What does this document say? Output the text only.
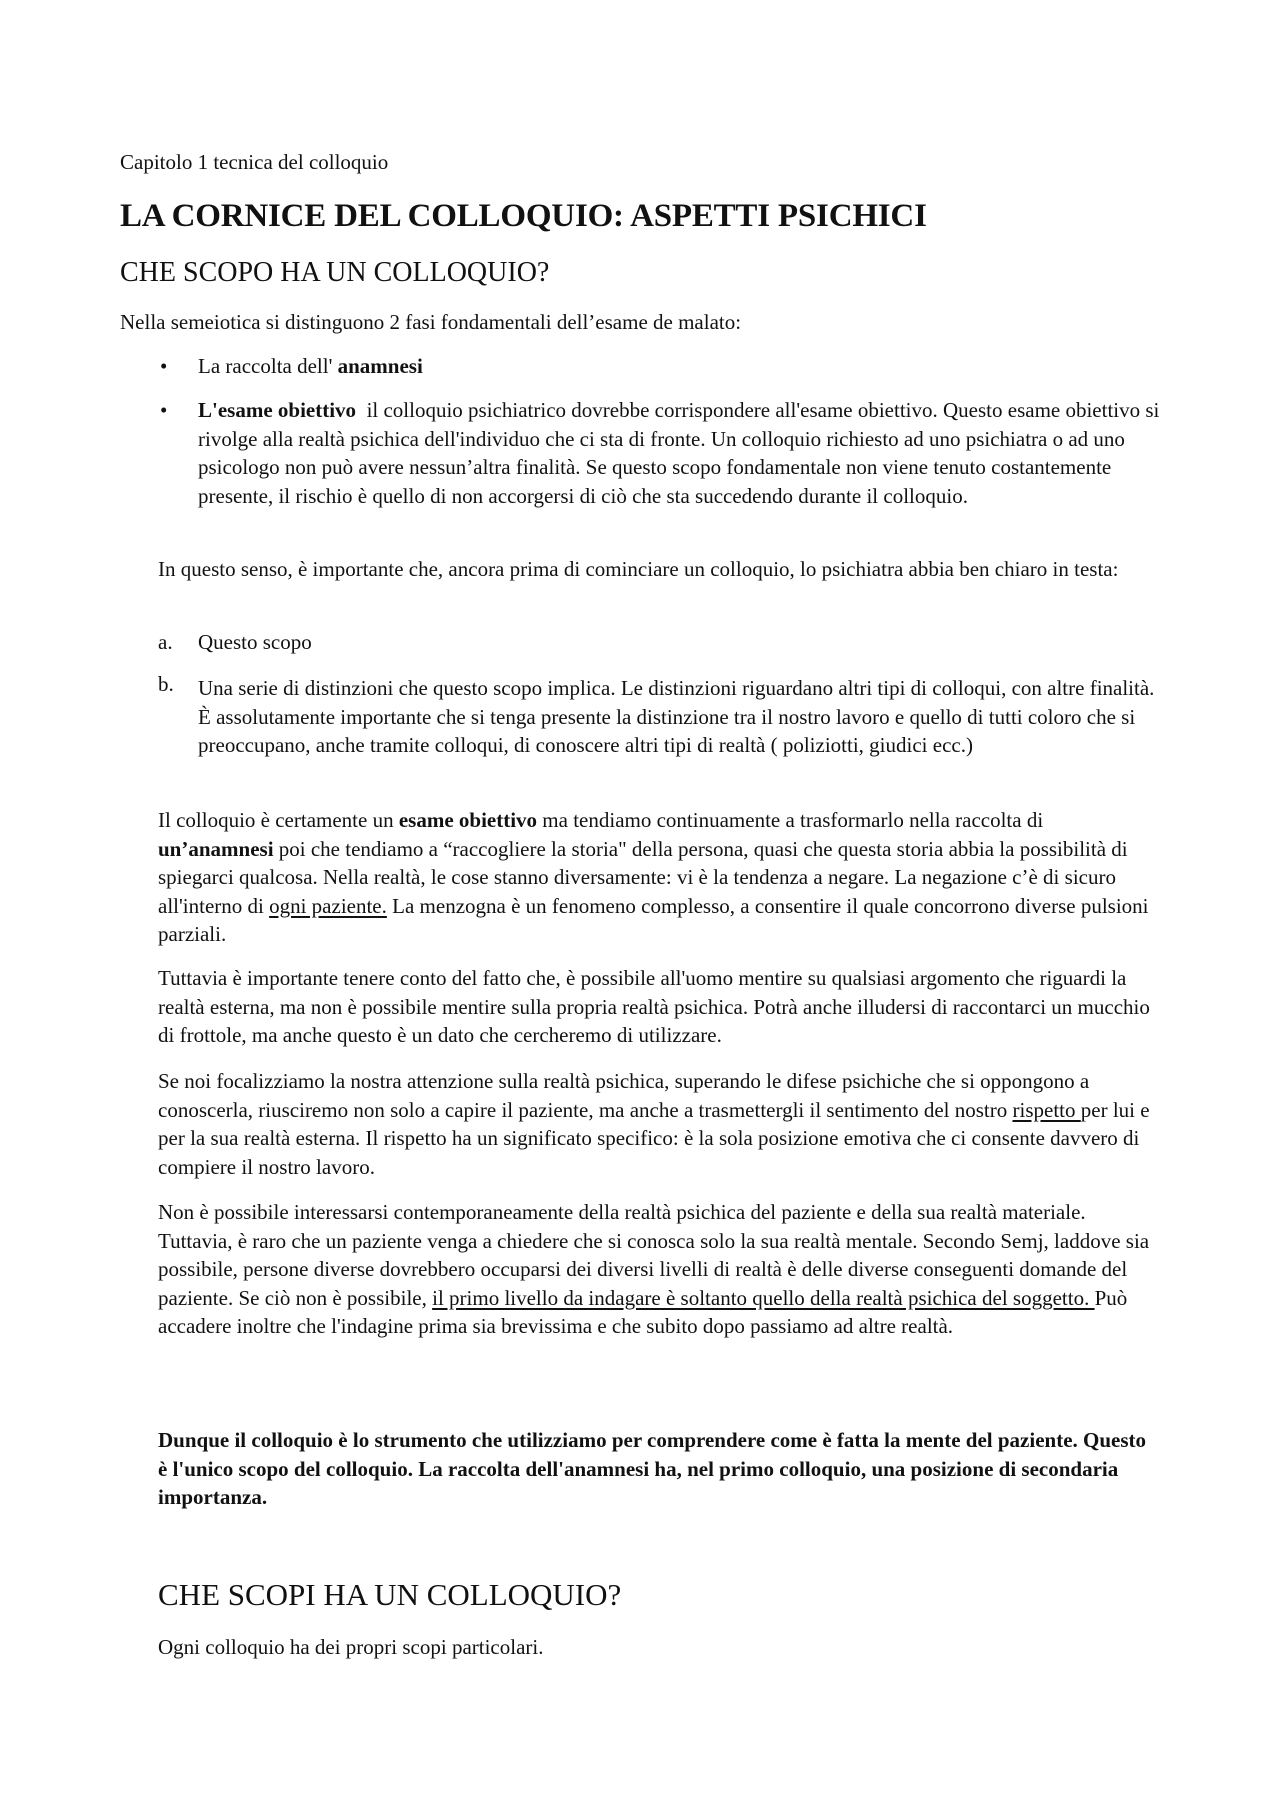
Capitolo 1 tecnica del colloquio

LA CORNICE DEL COLLOQUIO: ASPETTI PSICHICI
CHE SCOPO HA UN COLLOQUIO?

Nella semeiotica si distinguono 2 fasi fondamentali dell’esame de malato:

•	La raccolta dell' anamnesi
•	L'esame obiettivo  il colloquio psichiatrico dovrebbe corrispondere all'esame obiettivo. Questo esame obiettivo si rivolge alla realtà psichica dell'individuo che ci sta di fronte. Un colloquio richiesto ad uno psichiatra o ad uno psicologo non può avere nessun’altra finalità. Se questo scopo fondamentale non viene tenuto costantemente presente, il rischio è quello di non accorgersi di ciò che sta succedendo durante il colloquio.

In questo senso, è importante che, ancora prima di cominciare un colloquio, lo psichiatra abbia ben chiaro in testa:

a.	Questo scopo
b.	Una serie di distinzioni che questo scopo implica. Le distinzioni riguardano altri tipi di colloqui, con altre finalità. È assolutamente importante che si tenga presente la distinzione tra il nostro lavoro e quello di tutti coloro che si preoccupano, anche tramite colloqui, di conoscere altri tipi di realtà ( poliziotti, giudici ecc.)

Il colloquio è certamente un esame obiettivo ma tendiamo continuamente a trasformarlo nella raccolta di un’anamnesi poi che tendiamo a “raccogliere la storia" della persona, quasi che questa storia abbia la possibilità di spiegarci qualcosa. Nella realtà, le cose stanno diversamente: vi è la tendenza a negare. La negazione c’è di sicuro all'interno di ogni paziente. La menzogna è un fenomeno complesso, a consentire il quale concorrono diverse pulsioni parziali.

Tuttavia è importante tenere conto del fatto che, è possibile all'uomo mentire su qualsiasi argomento che riguardi la realtà esterna, ma non è possibile mentire sulla propria realtà psichica. Potrà anche illudersi di raccontarci un mucchio di frottole, ma anche questo è un dato che cercheremo di utilizzare.

Se noi focalizziamo la nostra attenzione sulla realtà psichica, superando le difese psichiche che si oppongono a conoscerla, riusciremo non solo a capire il paziente, ma anche a trasmettergli il sentimento del nostro rispetto per lui e per la sua realtà esterna. Il rispetto ha un significato specifico: è la sola posizione emotiva che ci consente davvero di compiere il nostro lavoro.

Non è possibile interessarsi contemporaneamente della realtà psichica del paziente e della sua realtà materiale. Tuttavia, è raro che un paziente venga a chiedere che si conosca solo la sua realtà mentale. Secondo Semj, laddove sia possibile, persone diverse dovrebbero occuparsi dei diversi livelli di realtà è delle diverse conseguenti domande del paziente. Se ciò non è possibile, il primo livello da indagare è soltanto quello della realtà psichica del soggetto. Può accadere inoltre che l'indagine prima sia brevissima e che subito dopo passiamo ad altre realtà.

Dunque il colloquio è lo strumento che utilizziamo per comprendere come è fatta la mente del paziente. Questo è l'unico scopo del colloquio. La raccolta dell'anamnesi ha, nel primo colloquio, una posizione di secondaria importanza.

CHE SCOPI HA UN COLLOQUIO?

Ogni colloquio ha dei propri scopi particolari.
